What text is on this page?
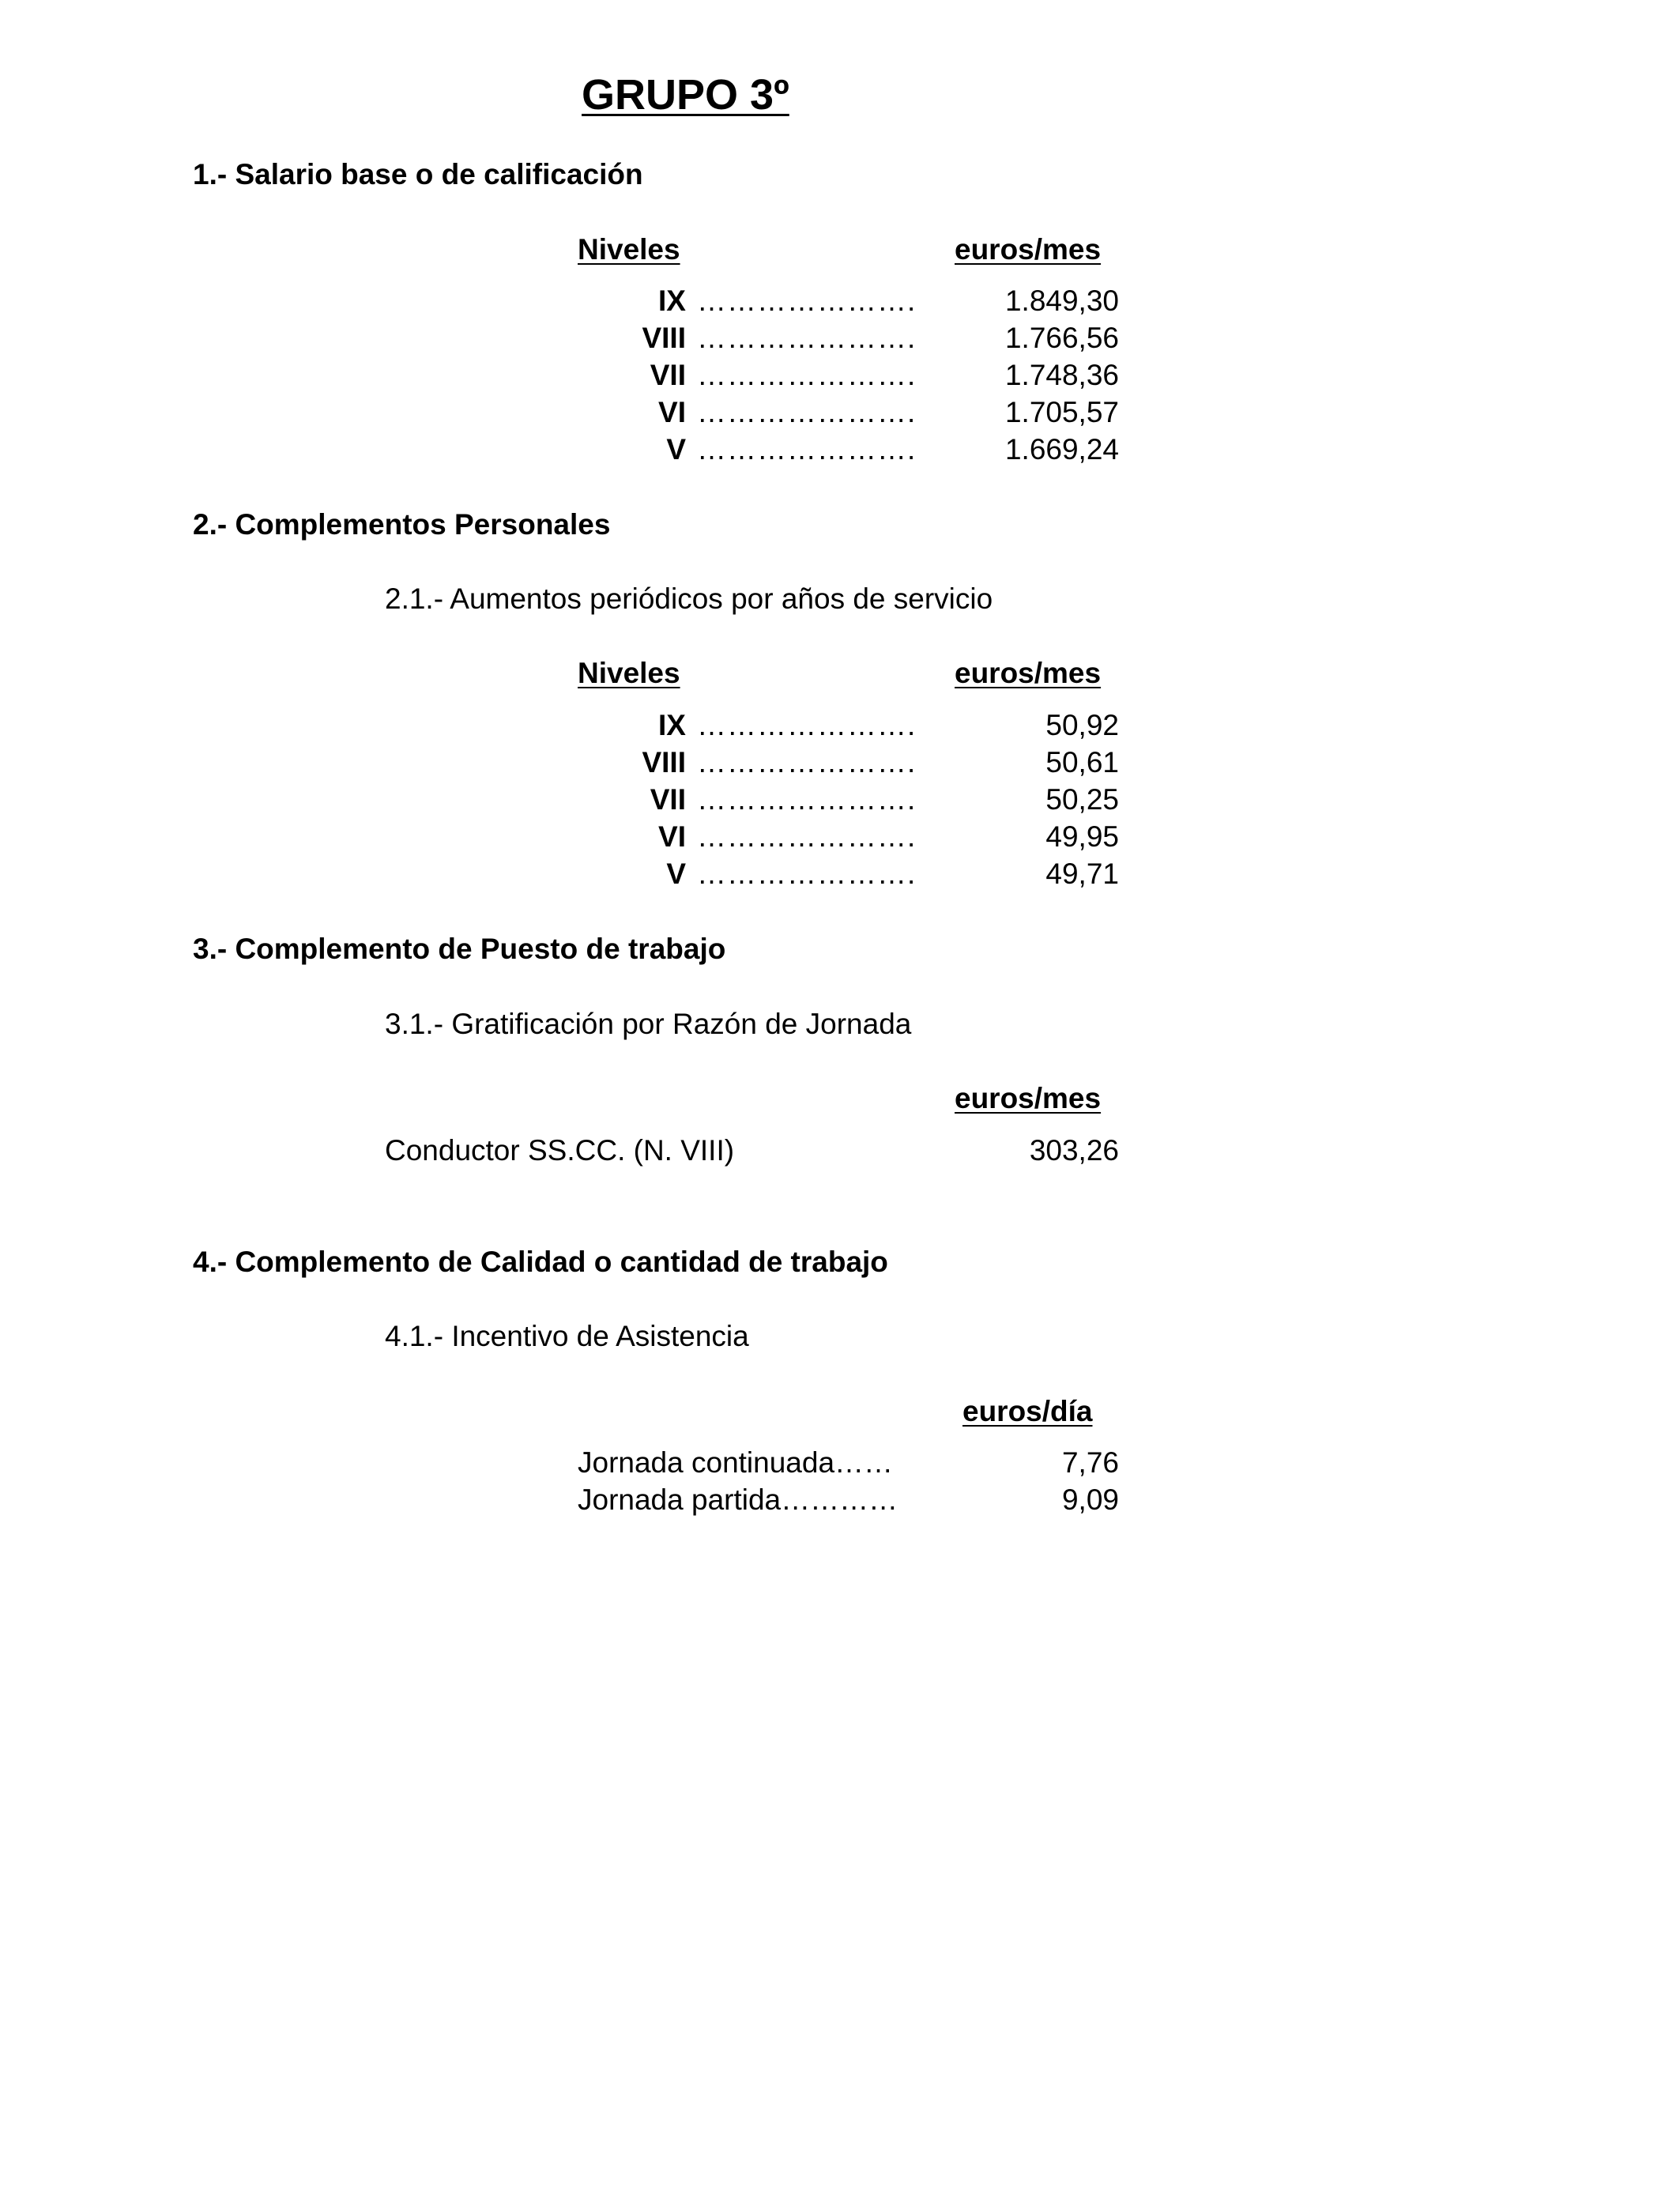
GRUPO 3º
1.- Salario base o de calificación
Niveles	euros/mes
IX ………………….	1.849,30
VIII ………………….	1.766,56
VII ………………….	1.748,36
VI ………………….	1.705,57
V ………………….	1.669,24
2.- Complementos Personales
2.1.- Aumentos periódicos por años de servicio
Niveles	euros/mes
IX ………………….	50,92
VIII ………………….	50,61
VII ………………….	50,25
VI ………………….	49,95
V ………………….	49,71
3.- Complemento de Puesto de trabajo
3.1.- Gratificación por Razón de Jornada
euros/mes
Conductor SS.CC. (N. VIII)	303,26
4.- Complemento de Calidad o cantidad de trabajo
4.1.- Incentivo de Asistencia
euros/día
Jornada continuada……	7,76
Jornada partida…………	9,09
